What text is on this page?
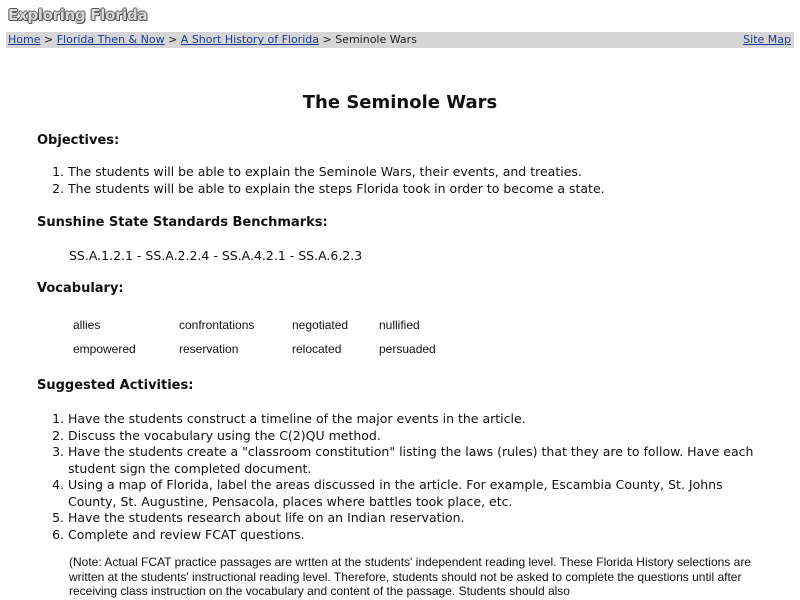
Exploring Florida
Home > Florida Then & Now > A Short History of Florida > Seminole Wars	Site Map
The Seminole Wars
Objectives:
1. The students will be able to explain the Seminole Wars, their events, and treaties.
2. The students will be able to explain the steps Florida took in order to become a state.
Sunshine State Standards Benchmarks:
SS.A.1.2.1 - SS.A.2.2.4 - SS.A.4.2.1 - SS.A.6.2.3
Vocabulary:
allies	confrontations	negotiated	nullified
empowered	reservation	relocated	persuaded
Suggested Activities:
1. Have the students construct a timeline of the major events in the article.
2. Discuss the vocabulary using the C(2)QU method.
3. Have the students create a "classroom constitution" listing the laws (rules) that they are to follow. Have each student sign the completed document.
4. Using a map of Florida, label the areas discussed in the article. For example, Escambia County, St. Johns County, St. Augustine, Pensacola, places where battles took place, etc.
5. Have the students research about life on an Indian reservation.
6. Complete and review FCAT questions.
(Note: Actual FCAT practice passages are wrtten at the students' independent reading level. These Florida History selections are written at the students' instructional reading level. Therefore, students should not be asked to complete the questions until after receiving class instruction on the vocabulary and content of the passage. Students should also
